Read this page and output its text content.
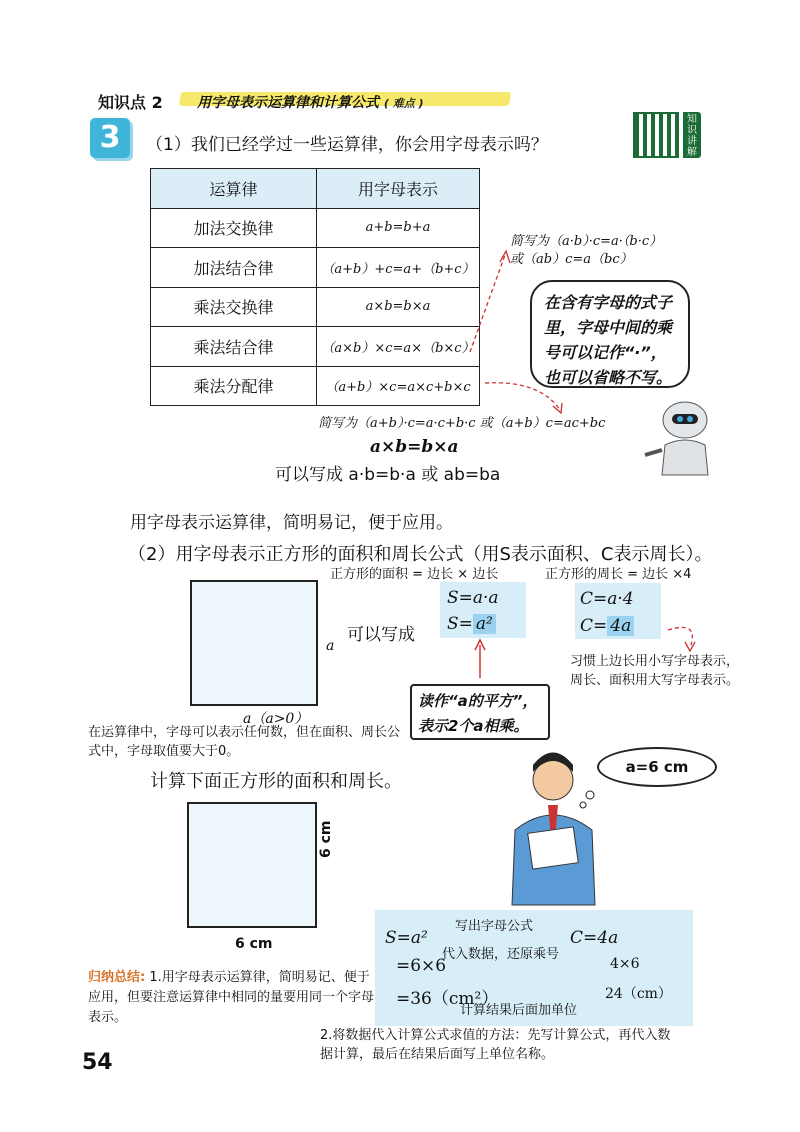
知识点 2 用字母表示运算律和计算公式 ( 难点 )
3	（1）我们已经学过一些运算律，你会用字母表示吗？
知识讲解
运算律	用字母表示
加法交换律	a+b=b+a
加法结合律	（a+b）+c=a+（b+c）
乘法交换律	a×b=b×a
乘法结合律	（a×b）×c=a×（b×c）
乘法分配律	（a+b）×c=a×c+b×c
简写为（a·b）·c=a·（b·c）
或（ab）c=a（bc）
在含有字母的式子里，字母中间的乘号可以记作“·”，也可以省略不写。
简写为（a+b）·c=a·c+b·c 或（a+b）c=ac+bc
a×b=b×a
可以写成 a·b=b·a 或 ab=ba
用字母表示运算律，简明易记，便于应用。
（2）用字母表示正方形的面积和周长公式（用S表示面积、C表示周长）。
正方形的面积 = 边长 × 边长	正方形的周长 = 边长 ×4
a
a（a>0）
可以写成
S=a·a
S= a²
C=a·4
C= 4a
读作“a的平方”，表示2个a相乘。
习惯上边长用小写字母表示，周长、面积用大写字母表示。
在运算律中，字母可以表示任何数，但在面积、周长公式中，字母取值要大于0。
计算下面正方形的面积和周长。
a=6 cm
6 cm
6 cm
写出字母公式
代入数据，还原乘号
计算结果后面加单位
S=a²
=6×6
=36（cm²）
C=4a
4×6
24（cm）
归纳总结: 1.用字母表示运算律，简明易记、便于应用，但要注意运算律中相同的量要用同一个字母表示。
2.将数据代入计算公式求值的方法：先写计算公式，再代入数据计算，最后在结果后面写上单位名称。
54
